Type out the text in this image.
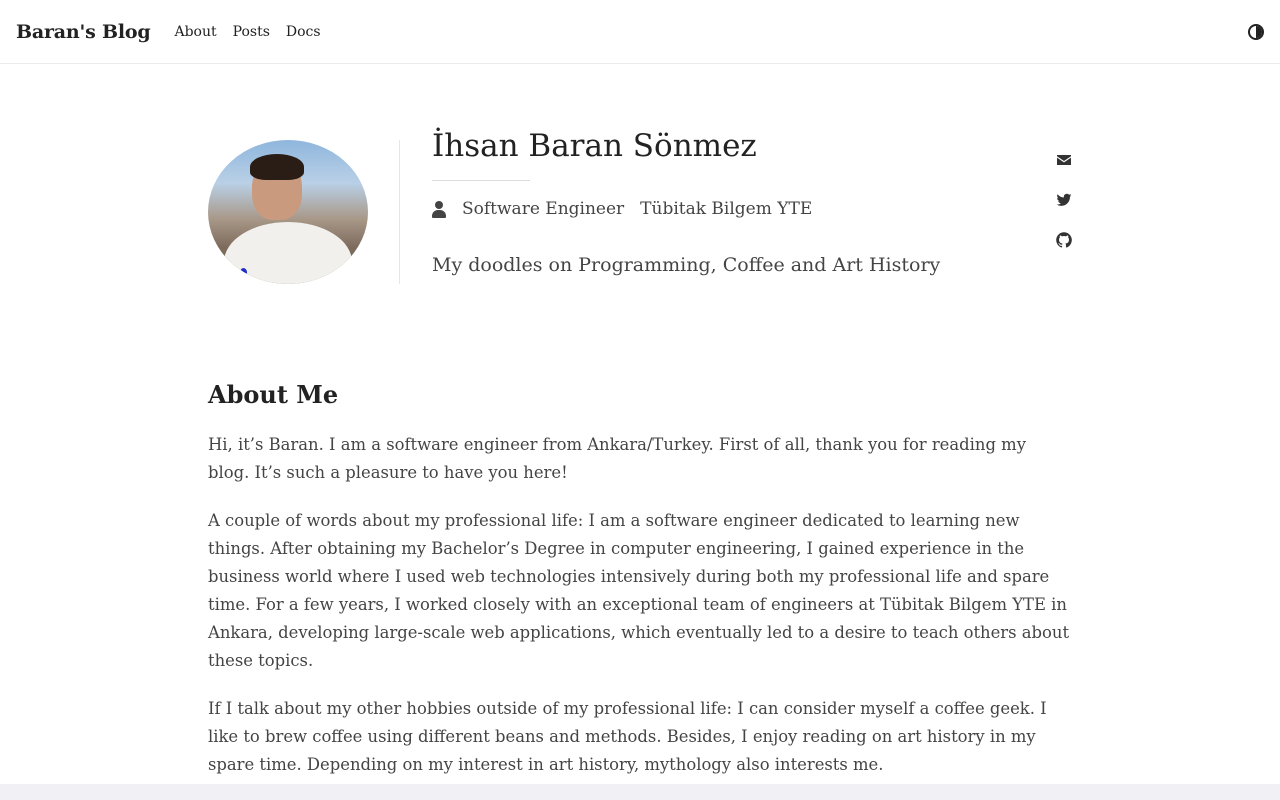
Baran's Blog About Posts Docs
İhsan Baran Sönmez
Software Engineer Tübitak Bilgem YTE

My doodles on Programming, Coffee and Art History

About Me

Hi, it’s Baran. I am a software engineer from Ankara/Turkey. First of all, thank you for reading my blog. It’s such a pleasure to have you here!

A couple of words about my professional life: I am a software engineer dedicated to learning new things. After obtaining my Bachelor’s Degree in computer engineering, I gained experience in the business world where I used web technologies intensively during both my professional life and spare time. For a few years, I worked closely with an exceptional team of engineers at Tübitak Bilgem YTE in Ankara, developing large-scale web applications, which eventually led to a desire to teach others about these topics.

If I talk about my other hobbies outside of my professional life: I can consider myself a coffee geek. I like to brew coffee using different beans and methods. Besides, I enjoy reading on art history in my spare time. Depending on my interest in art history, mythology also interests me.
